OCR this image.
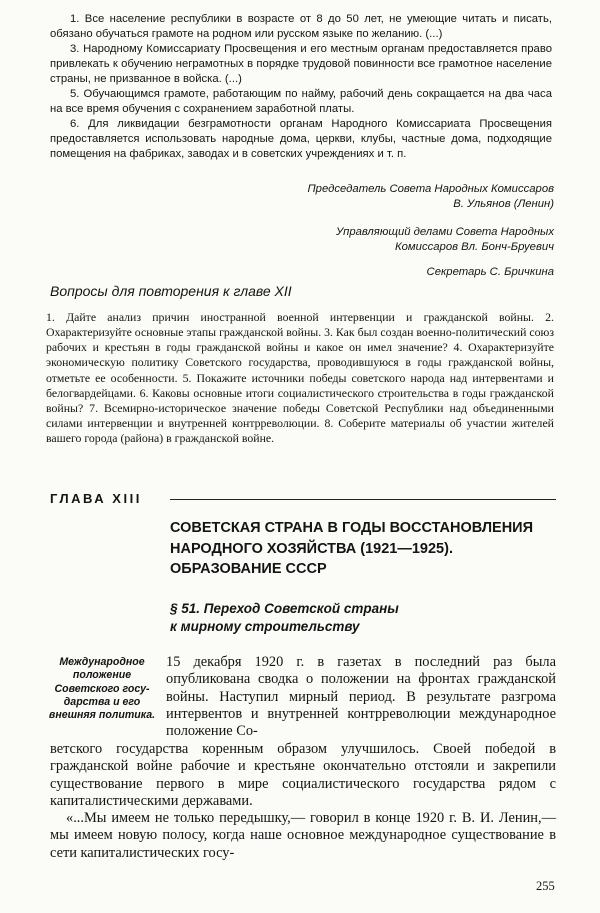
1. Все население республики в возрасте от 8 до 50 лет, не умеющие читать и писать, обязано обучаться грамоте на родном или русском языке по желанию. (...)

3. Народному Комиссариату Просвещения и его местным органам предоставляется право привлекать к обучению неграмотных в порядке трудовой повинности все грамотное население страны, не призванное в войска. (...)

5. Обучающимся грамоте, работающим по найму, рабочий день сокращается на два часа на все время обучения с сохранением заработной платы.

6. Для ликвидации безграмотности органам Народного Комиссариата Просвещения предоставляется использовать народные дома, церкви, клубы, частные дома, подходящие помещения на фабриках, заводах и в советских учреждениях и т. п.

Председатель Совета Народных Комиссаров
В. Ульянов (Ленин)
Управляющий делами Совета Народных
Комиссаров Вл. Бонч-Бруевич
Секретарь С. Бричкина
Вопросы для повторения к главе XII
1. Дайте анализ причин иностранной военной интервенции и гражданской войны. 2. Охарактеризуйте основные этапы гражданской войны. 3. Как был создан военно-политический союз рабочих и крестьян в годы гражданской войны и какое он имел значение? 4. Охарактеризуйте экономическую политику Советского государства, проводившуюся в годы гражданской войны, отметьте ее особенности. 5. Покажите источники победы советского народа над интервентами и белогвардейцами. 6. Каковы основные итоги социалистического строительства в годы гражданской войны? 7. Всемирно-историческое значение победы Советской Республики над объединенными силами интервенции и внутренней контрреволюции. 8. Соберите материалы об участии жителей вашего города (района) в гражданской войне.
ГЛАВА XIII
СОВЕТСКАЯ СТРАНА В ГОДЫ ВОССТАНОВЛЕНИЯ
НАРОДНОГО ХОЗЯЙСТВА (1921—1925).
ОБРАЗОВАНИЕ СССР
§ 51. Переход Советской страны
к мирному строительству
Международное
положение
Советского госу-
дарства и его
внешняя политика.
15 декабря 1920 г. в газетах в последний раз была опубликована сводка о положении на фронтах гражданской войны. Наступил мирный период. В результате разгрома интервентов и внутренней контрреволюции международное положение Со-
ветского государства коренным образом улучшилось. Своей победой в гражданской войне рабочие и крестьяне окончательно отстояли и закрепили существование первого в мире социалистического государства рядом с капиталистическими державами.
«...Мы имеем не только передышку,— говорил в конце 1920 г. В. И. Ленин,— мы имеем новую полосу, когда наше основное международное существование в сети капиталистических госу-
255
